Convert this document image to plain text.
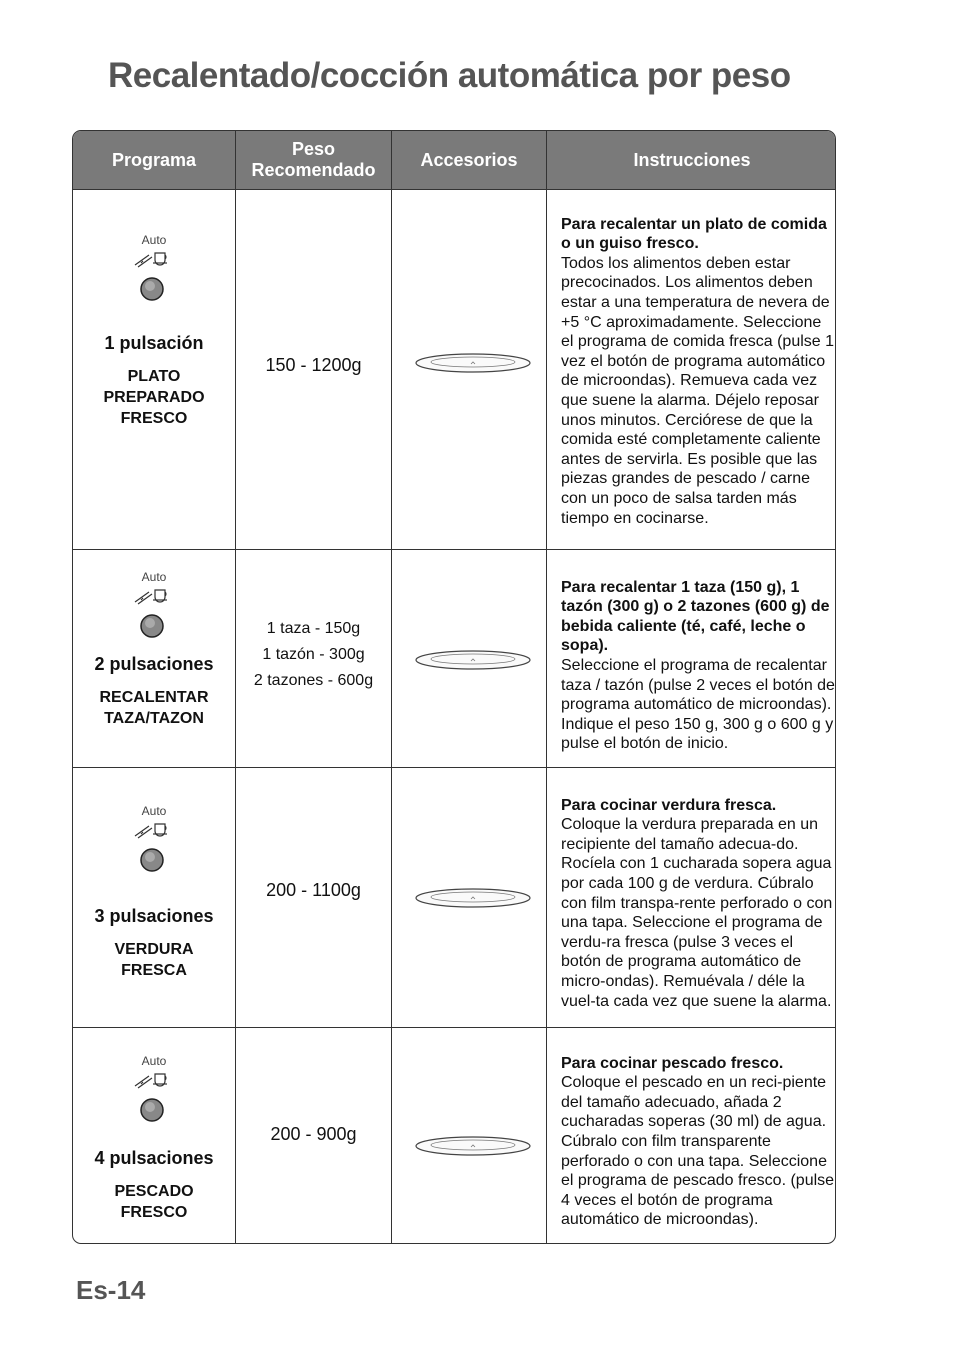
Recalentado/cocción automática por peso
Programa
Peso Recomendado
Accesorios	Instrucciones
Auto
1 pulsación
PLATO PREPARADO FRESCO
150 - 1200g

Para recalentar un plato de comida o un guiso fresco.
Todos los alimentos deben estar precocinados. Los alimentos deben estar a una temperatura de nevera de +5 °C aproximadamente. Seleccione el programa de comida fresca (pulse 1 vez el botón de programa automático de microondas). Remueva cada vez que suene la alarma. Déjelo reposar unos minutos. Cerciórese de que la comida esté completamente caliente antes de servirla. Es posible que las piezas grandes de pescado / carne con un poco de salsa tarden más tiempo en cocinarse.

Auto
2 pulsaciones
RECALENTAR TAZA/TAZON
1 taza - 150g
1 tazón - 300g
2 tazones - 600g

Para recalentar 1 taza (150 g), 1 tazón (300 g) o 2 tazones (600 g) de bebida caliente (té, café, leche o sopa).
Seleccione el programa de recalentar taza / tazón (pulse 2 veces el botón de programa automático de microondas). Indique el peso 150 g, 300 g o 600 g y pulse el botón de inicio.

Auto
3 pulsaciones
VERDURA FRESCA
200 - 1100g

Para cocinar verdura fresca.
Coloque la verdura preparada en un recipiente del tamaño adecua-do. Rocíela con 1 cucharada sopera agua por cada 100 g de verdura. Cúbralo con film transpa-rente perforado o con una tapa. Seleccione el programa de verdu-ra fresca (pulse 3 veces el botón de programa automático de micro-ondas). Remuévala / déle la vuel-ta cada vez que suene la alarma.

Auto
4 pulsaciones
PESCADO FRESCO
200 - 900g

Para cocinar pescado fresco.
Coloque el pescado en un reci-piente del tamaño adecuado, añada 2 cucharadas soperas (30 ml) de agua. Cúbralo con film transparente perforado o con una tapa. Seleccione el programa de pescado fresco. (pulse 4 veces el botón de programa automático de microondas).

Es-14
